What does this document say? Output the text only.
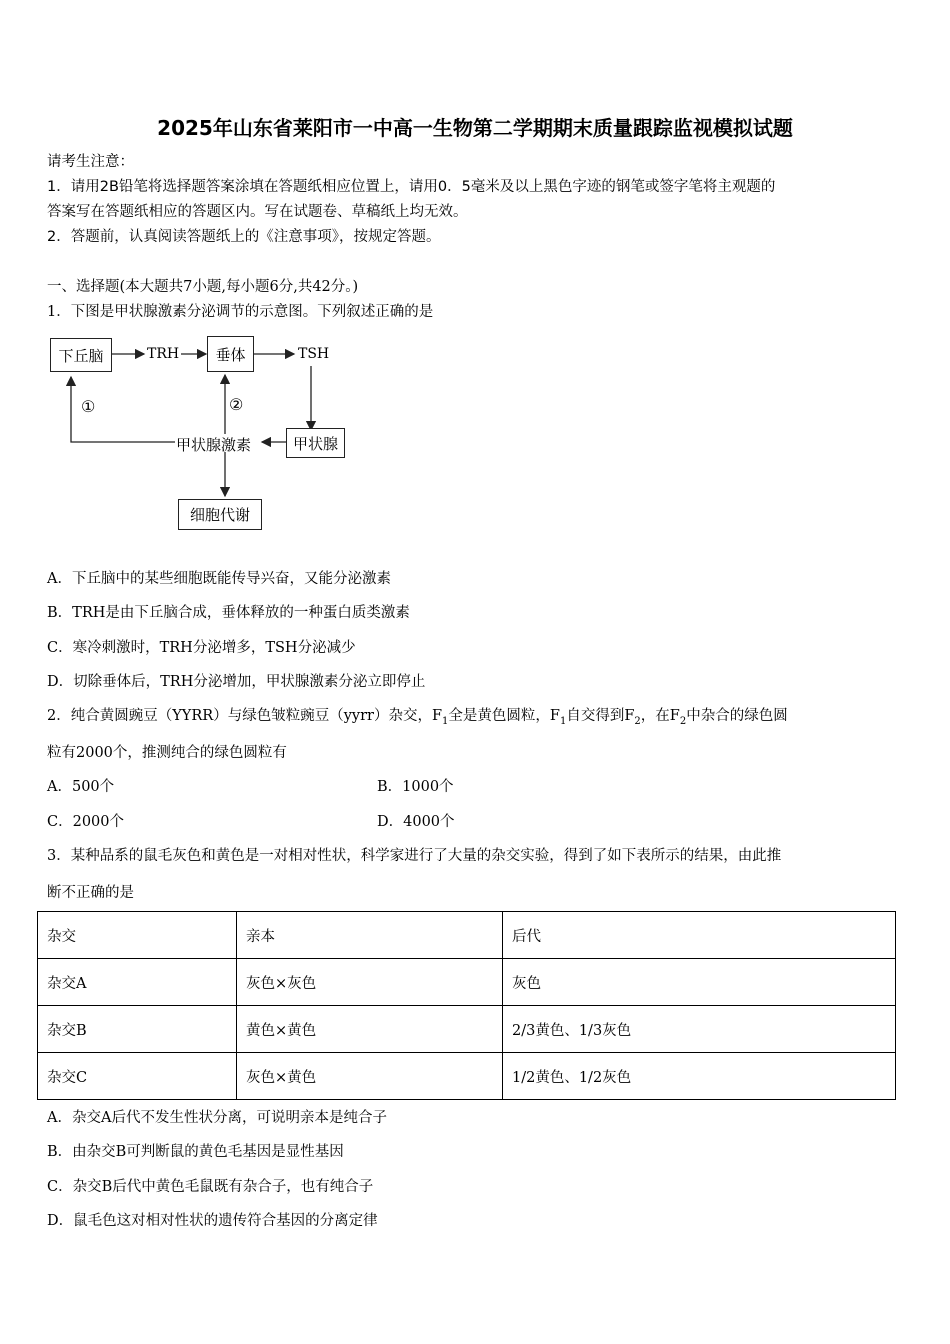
2025年山东省莱阳市一中高一生物第二学期期末质量跟踪监视模拟试题
请考生注意：
1．请用2B铅笔将选择题答案涂填在答题纸相应位置上，请用0．5毫米及以上黑色字迹的钢笔或签字笔将主观题的
答案写在答题纸相应的答题区内。写在试题卷、草稿纸上均无效。
2．答题前，认真阅读答题纸上的《注意事项》，按规定答题。
一、选择题(本大题共7小题,每小题6分,共42分。)
1．下图是甲状腺激素分泌调节的示意图。下列叙述正确的是
下丘脑	TRH	垂体	TSH
甲状腺
甲状腺激素
细胞代谢
①	②
A．下丘脑中的某些细胞既能传导兴奋，又能分泌激素
B．TRH是由下丘脑合成，垂体释放的一种蛋白质类激素
C．寒冷刺激时，TRH分泌增多，TSH分泌减少
D．切除垂体后，TRH分泌增加，甲状腺激素分泌立即停止
2．纯合黄圆豌豆（YYRR）与绿色皱粒豌豆（yyrr）杂交，$F_1$全是黄色圆粒，$F_1$自交得到$F_2$，在$F_2$中杂合的绿色圆
粒有2000个，推测纯合的绿色圆粒有
A．500个	B．1000个
C．2000个	D．4000个
3．某种品系的鼠毛灰色和黄色是一对相对性状，科学家进行了大量的杂交实验，得到了如下表所示的结果，由此推
断不正确的是
杂交	亲本	后代
杂交A	灰色×灰色	灰色
杂交B	黄色×黄色	2/3黄色、1/3灰色
杂交C	灰色×黄色	1/2黄色、1/2灰色
A．杂交A后代不发生性状分离，可说明亲本是纯合子
B．由杂交B可判断鼠的黄色毛基因是显性基因
C．杂交B后代中黄色毛鼠既有杂合子，也有纯合子
D．鼠毛色这对相对性状的遗传符合基因的分离定律
